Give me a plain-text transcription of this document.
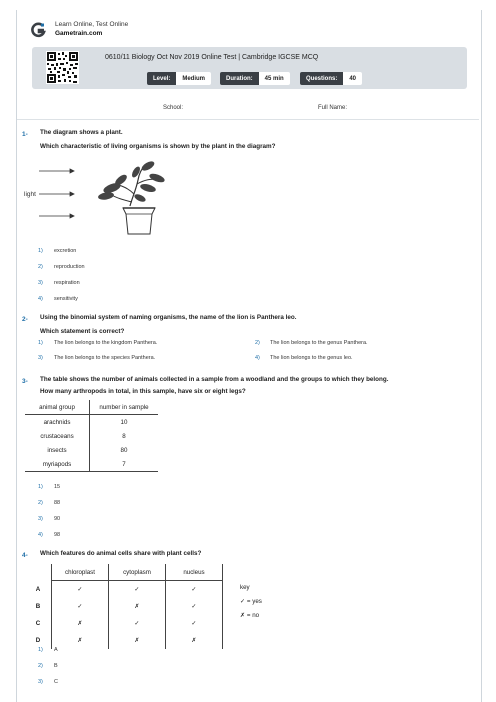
Learn Online, Test Online
Gametrain.com
0610/11 Biology Oct Nov 2019 Online Test | Cambridge IGCSE MCQ
Level:	Medium	Duration:	45 min	Questions:	40
School:	Full Name:
1- The diagram shows a plant.
Which characteristic of living organisms is shown by the plant in the diagram?
light
1) excretion
2) reproduction
3) respiration
4) sensitivity
2- Using the binomial system of naming organisms, the name of the lion is Panthera leo.
Which statement is correct?
1) The lion belongs to the kingdom Panthera.	2) The lion belongs to the genus Panthera.
3) The lion belongs to the species Panthera.	4) The lion belongs to the genus leo.
3- The table shows the number of animals collected in a sample from a woodland and the groups to which they belong.
How many arthropods in total, in this sample, have six or eight legs?
animal group	number in sample
arachnids	10
crustaceans	8
insects	80
myriapods	7
1) 15
2) 88
3) 90
4) 98
4- Which features do animal cells share with plant cells?
	chloroplast	cytoplasm	nucleus
A	✓	✓	✓
B	✓	✗	✓
C	✗	✓	✓
D	✗	✗	✗
key
✓ = yes
✗ = no
1) A
2) B
3) C
